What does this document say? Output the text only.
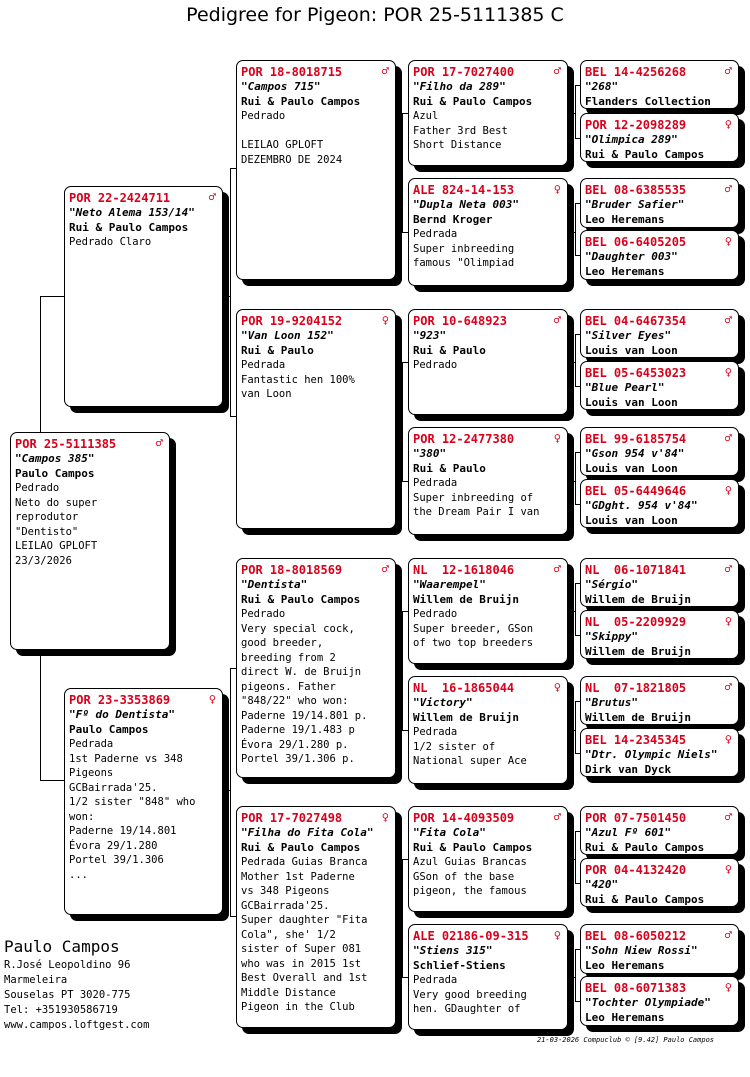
Pedigree for Pigeon: POR 25-5111385 C
POR 25-5111385	♂
"Campos 385"
Paulo Campos
Pedrado
Neto do super
reprodutor
"Dentisto"
LEILAO GPLOFT
23/3/2026
POR 22-2424711	♂
"Neto Alema 153/14"
Rui & Paulo Campos
Pedrado Claro
POR 23-3353869	♀
"Fº do Dentista"
Paulo Campos
Pedrada
1st Paderne vs 348
Pigeons
GCBairrada'25.
1/2 sister "848" who
won:
Paderne 19/14.801
Évora 29/1.280
Portel 39/1.306
...
POR 18-8018715	♂
"Campos 715"
Rui & Paulo Campos
Pedrado

LEILAO GPLOFT
DEZEMBRO DE 2024
POR 19-9204152	♀
"Van Loon 152"
Rui & Paulo
Pedrada
Fantastic hen 100%
van Loon
POR 18-8018569	♂
"Dentista"
Rui & Paulo Campos
Pedrado
Very special cock,
good breeder,
breeding from 2
direct W. de Bruijn
pigeons. Father
"848/22" who won:
Paderne 19/14.801 p.
Paderne 19/1.483 p
Évora 29/1.280 p.
Portel 39/1.306 p.
POR 17-7027498	♀
"Filha do Fita Cola"
Rui & Paulo Campos
Pedrada Guias Branca
Mother 1st Paderne
vs 348 Pigeons
GCBairrada'25.
Super daughter "Fita
Cola", she' 1/2
sister of Super 081
who was in 2015 1st
Best Overall and 1st
Middle Distance
Pigeon in the Club
POR 17-7027400	♂
"Filho da 289"
Rui & Paulo Campos
Azul
Father 3rd Best
Short Distance
ALE 824-14-153	♀
"Dupla Neta 003"
Bernd Kroger
Pedrada
Super inbreeding
famous "Olimpiad
POR 10-648923	♂
"923"
Rui & Paulo
Pedrado
POR 12-2477380	♀
"380"
Rui & Paulo
Pedrada
Super inbreeding of
the Dream Pair I van
NL  12-1618046	♂
"Waarempel"
Willem de Bruijn
Pedrado
Super breeder, GSon
of two top breeders
NL  16-1865044	♀
"Victory"
Willem de Bruijn
Pedrada
1/2 sister of
National super Ace
POR 14-4093509	♂
"Fita Cola"
Rui & Paulo Campos
Azul Guias Brancas
GSon of the base
pigeon, the famous
ALE 02186-09-315	♀
"Stiens 315"
Schlief-Stiens
Pedrada
Very good breeding
hen. GDaughter of
BEL 14-4256268	♂
"268"
Flanders Collection
POR 12-2098289	♀
"Olimpica 289"
Rui & Paulo Campos
BEL 08-6385535	♂
"Bruder Safier"
Leo Heremans
BEL 06-6405205	♀
"Daughter 003"
Leo Heremans
BEL 04-6467354	♂
"Silver Eyes"
Louis van Loon
BEL 05-6453023	♀
"Blue Pearl"
Louis van Loon
BEL 99-6185754	♂
"Gson 954 v'84"
Louis van Loon
BEL 05-6449646	♀
"GDght. 954 v'84"
Louis van Loon
NL  06-1071841	♂
"Sérgio"
Willem de Bruijn
NL  05-2209929	♀
"Skippy"
Willem de Bruijn
NL  07-1821805	♂
"Brutus"
Willem de Bruijn
BEL 14-2345345	♀
"Dtr. Olympic Niels"
Dirk van Dyck
POR 07-7501450	♂
"Azul Fº 601"
Rui & Paulo Campos
POR 04-4132420	♀
"420"
Rui & Paulo Campos
BEL 08-6050212	♂
"Sohn Niew Rossi"
Leo Heremans
BEL 08-6071383	♀
"Tochter Olympiade"
Leo Heremans
Paulo Campos
R.José Leopoldino 96
Marmeleira
Souselas PT 3020-775
Tel: +351930586719
www.campos.loftgest.com
21-03-2026 Compuclub © [9.42] Paulo Campos
